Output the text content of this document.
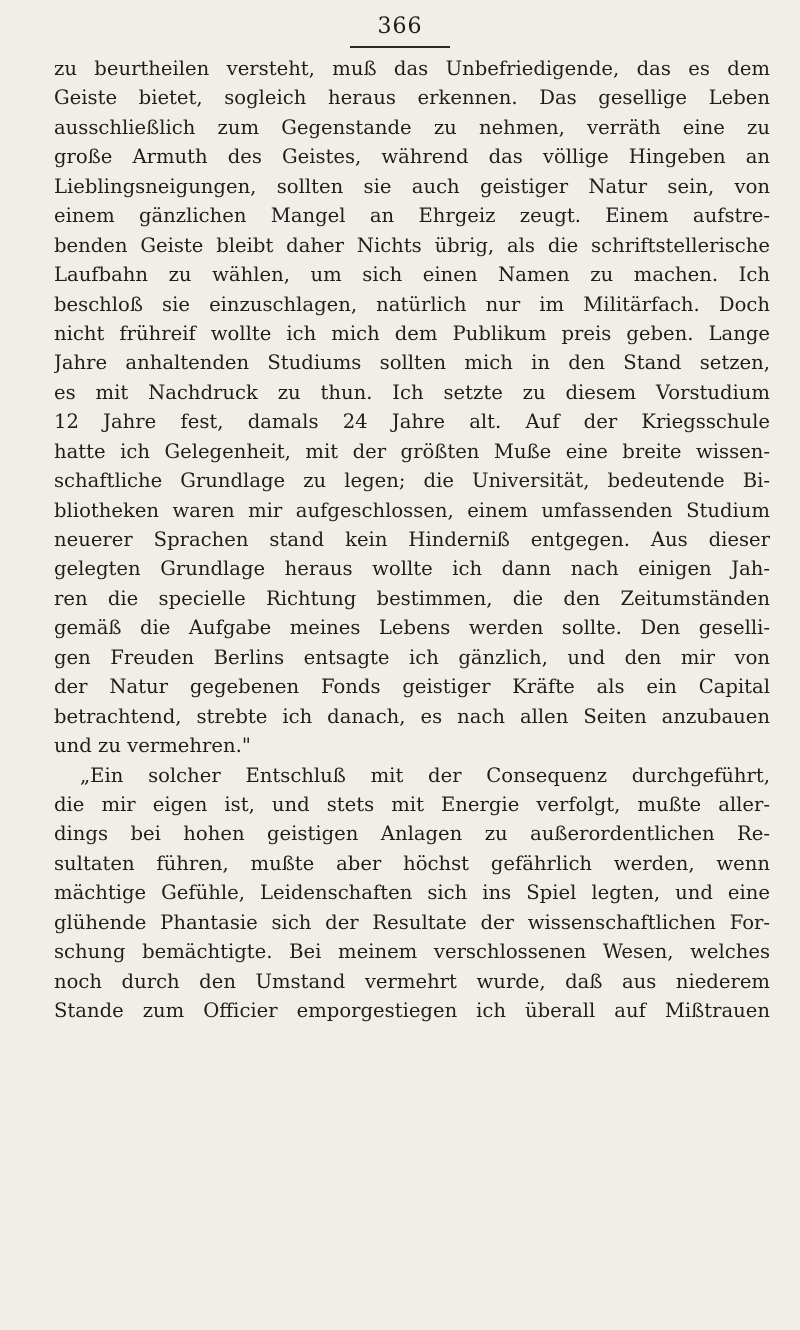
366
zu beurtheilen versteht, muß das Unbefriedigende, das es dem
Geiste bietet, sogleich heraus erkennen. Das gesellige Leben
ausschließlich zum Gegenstande zu nehmen, verräth eine zu
große Armuth des Geistes, während das völlige Hingeben an
Lieblingsneigungen, sollten sie auch geistiger Natur sein, von
einem gänzlichen Mangel an Ehrgeiz zeugt. Einem aufstre-
benden Geiste bleibt daher Nichts übrig, als die schriftstellerische
Laufbahn zu wählen, um sich einen Namen zu machen. Ich
beschloß sie einzuschlagen, natürlich nur im Militärfach. Doch
nicht frühreif wollte ich mich dem Publikum preis geben. Lange
Jahre anhaltenden Studiums sollten mich in den Stand setzen,
es mit Nachdruck zu thun. Ich setzte zu diesem Vorstudium
12 Jahre fest, damals 24 Jahre alt. Auf der Kriegsschule
hatte ich Gelegenheit, mit der größten Muße eine breite wissen-
schaftliche Grundlage zu legen; die Universität, bedeutende Bi-
bliotheken waren mir aufgeschlossen, einem umfassenden Studium
neuerer Sprachen stand kein Hinderniß entgegen. Aus dieser
gelegten Grundlage heraus wollte ich dann nach einigen Jah-
ren die specielle Richtung bestimmen, die den Zeitumständen
gemäß die Aufgabe meines Lebens werden sollte. Den geselli-
gen Freuden Berlins entsagte ich gänzlich, und den mir von
der Natur gegebenen Fonds geistiger Kräfte als ein Capital
betrachtend, strebte ich danach, es nach allen Seiten anzubauen
und zu vermehren."
„Ein solcher Entschluß mit der Consequenz durchgeführt,
die mir eigen ist, und stets mit Energie verfolgt, mußte aller-
dings bei hohen geistigen Anlagen zu außerordentlichen Re-
sultaten führen, mußte aber höchst gefährlich werden, wenn
mächtige Gefühle, Leidenschaften sich ins Spiel legten, und eine
glühende Phantasie sich der Resultate der wissenschaftlichen For-
schung bemächtigte. Bei meinem verschlossenen Wesen, welches
noch durch den Umstand vermehrt wurde, daß aus niederem
Stande zum Officier emporgestiegen ich überall auf Mißtrauen
